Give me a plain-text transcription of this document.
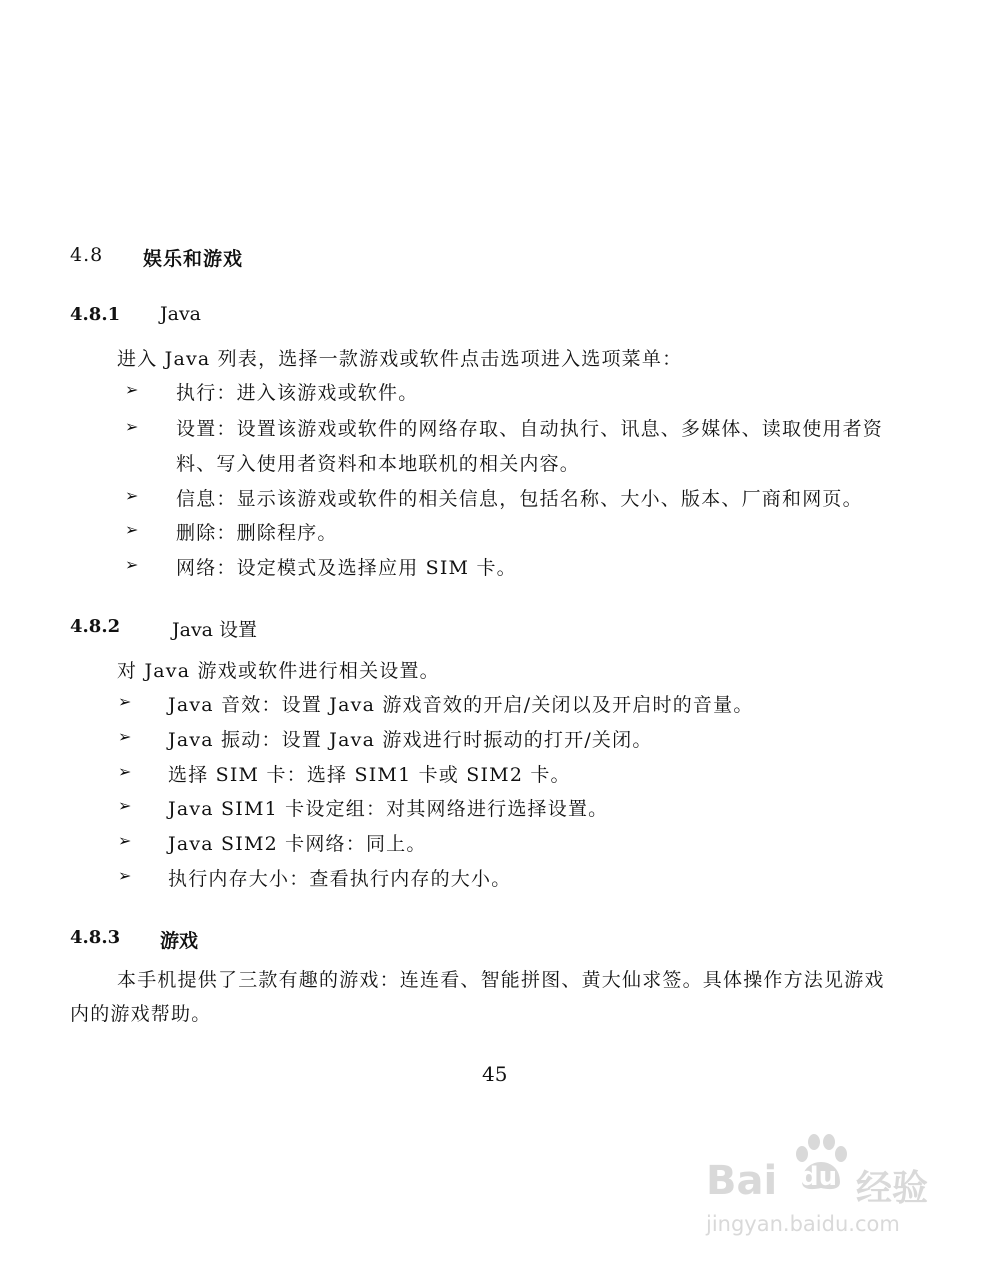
4.8 娱乐和游戏
4.8.1 Java
进入 Java 列表，选择一款游戏或软件点击选项进入选项菜单：
➢ 执行：进入该游戏或软件。
➢ 设置：设置该游戏或软件的网络存取、自动执行、讯息、多媒体、读取使用者资
料、写入使用者资料和本地联机的相关内容。
➢ 信息：显示该游戏或软件的相关信息，包括名称、大小、版本、厂商和网页。
➢ 删除：删除程序。
➢ 网络：设定模式及选择应用 SIM 卡。
4.8.2	Java 设置
对 Java 游戏或软件进行相关设置。
➢ Java 音效：设置 Java 游戏音效的开启/关闭以及开启时的音量。
➢ Java 振动：设置 Java 游戏进行时振动的打开/关闭。
➢ 选择 SIM 卡：选择 SIM1 卡或 SIM2 卡。
➢ Java SIM1 卡设定组：对其网络进行选择设置。
➢ Java SIM2 卡网络：同上。
➢ 执行内存大小：查看执行内存的大小。
4.8.3 游戏
本手机提供了三款有趣的游戏：连连看、智能拼图、黄大仙求签。具体操作方法见游戏
内的游戏帮助。
45
Bai du 经验
jingyan.baidu.com
